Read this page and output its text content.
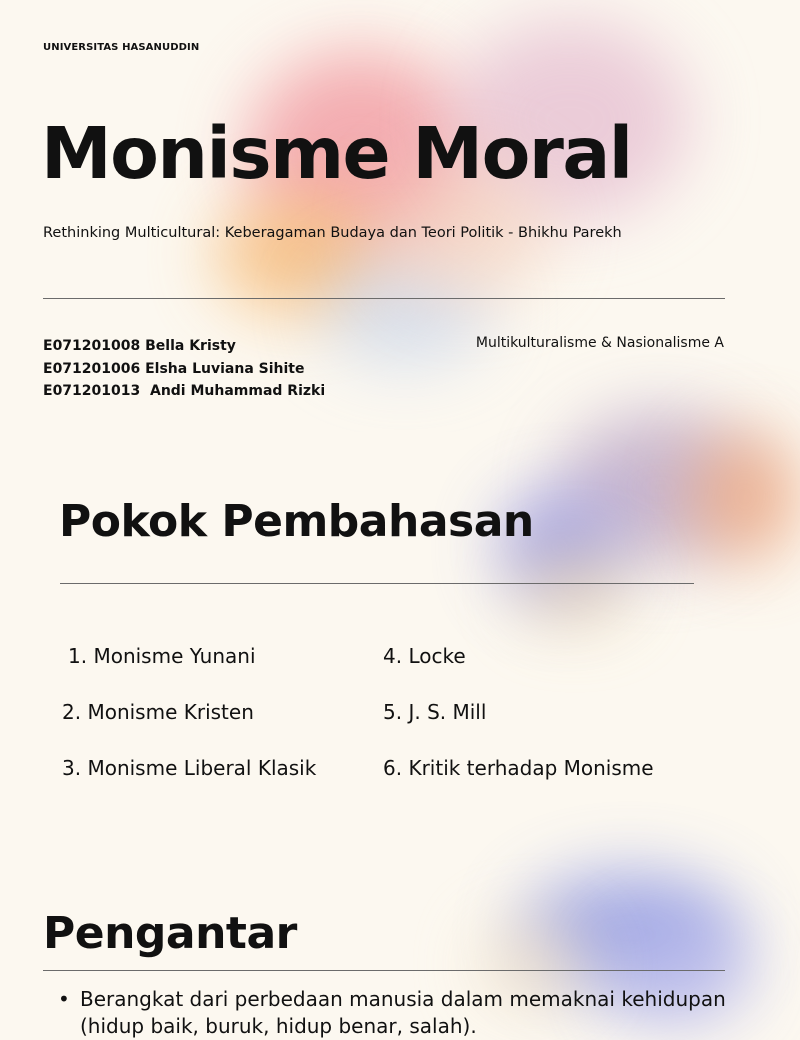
UNIVERSITAS HASANUDDIN
Monisme Moral
Rethinking Multicultural: Keberagaman Budaya dan Teori Politik - Bhikhu Parekh
E071201008 Bella Kristy
E071201006 Elsha Luviana Sihite
E071201013  Andi Muhammad Rizki
Multikulturalisme & Nasionalisme A
Pokok Pembahasan
1. Monisme Yunani
2. Monisme Kristen
3. Monisme Liberal Klasik
4. Locke
5. J. S. Mill
6. Kritik terhadap Monisme
Pengantar
• Berangkat dari perbedaan manusia dalam memaknai kehidupan
(hidup baik, buruk, hidup benar, salah).
